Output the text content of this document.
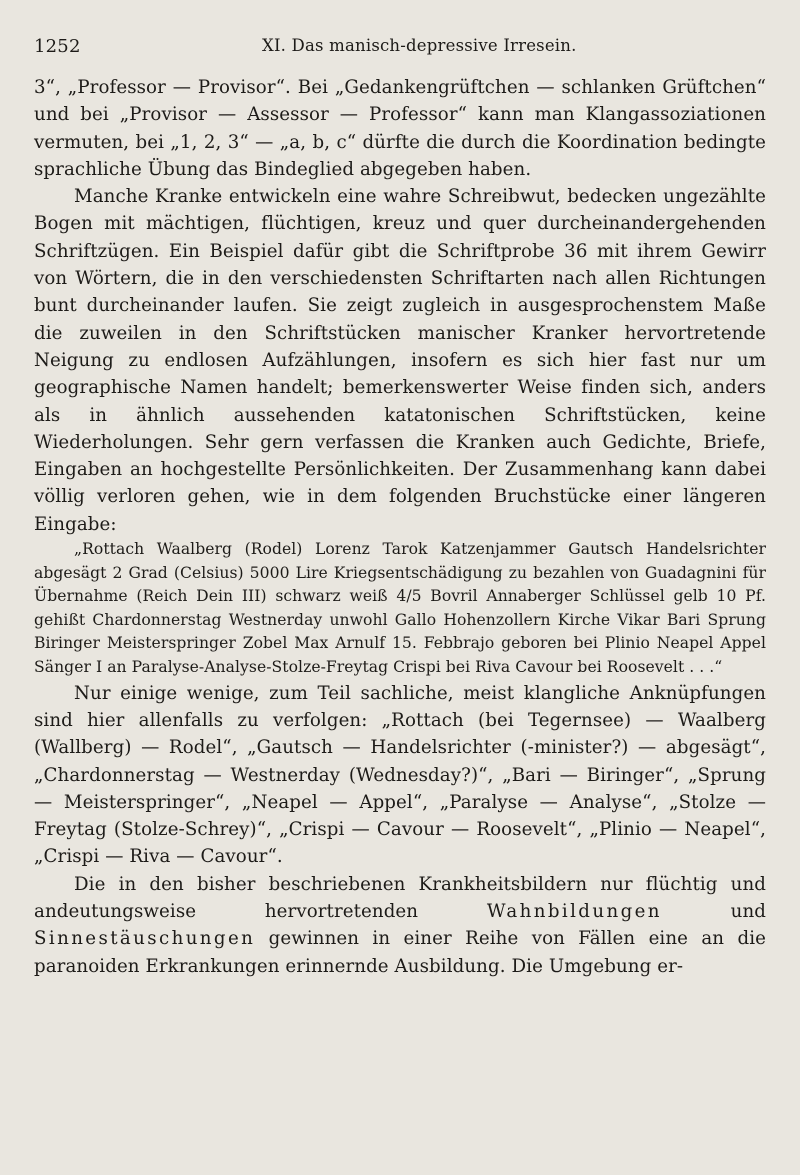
1252	XI. Das manisch-depressive Irresein.

3“, „Professor — Provisor“. Bei „Gedankengrüftchen — schlanken Grüftchen“ und bei „Provisor — Assessor — Professor“ kann man Klangassoziationen vermuten, bei „1, 2, 3“ — „a, b, c“ dürfte die durch die Koordination bedingte sprachliche Übung das Bindeglied abgegeben haben.

Manche Kranke entwickeln eine wahre Schreibwut, bedecken ungezählte Bogen mit mächtigen, flüchtigen, kreuz und quer durcheinandergehenden Schriftzügen. Ein Beispiel dafür gibt die Schriftprobe 36 mit ihrem Gewirr von Wörtern, die in den verschiedensten Schriftarten nach allen Richtungen bunt durcheinander laufen. Sie zeigt zugleich in ausgesprochenstem Maße die zuweilen in den Schriftstücken manischer Kranker hervortretende Neigung zu endlosen Aufzählungen, insofern es sich hier fast nur um geographische Namen handelt; bemerkenswerter Weise finden sich, anders als in ähnlich aussehenden katatonischen Schriftstücken, keine Wiederholungen. Sehr gern verfassen die Kranken auch Gedichte, Briefe, Eingaben an hochgestellte Persönlichkeiten. Der Zusammenhang kann dabei völlig verloren gehen, wie in dem folgenden Bruchstücke einer längeren Eingabe:

„Rottach Waalberg (Rodel) Lorenz Tarok Katzenjammer Gautsch Handelsrichter abgesägt 2 Grad (Celsius) 5000 Lire Kriegsentschädigung zu bezahlen von Guadagnini für Übernahme (Reich Dein III) schwarz weiß 4/5 Bovril Annaberger Schlüssel gelb 10 Pf. gehißt Chardonnerstag Westnerday unwohl Gallo Hohenzollern Kirche Vikar Bari Sprung Biringer Meisterspringer Zobel Max Arnulf 15. Febbrajo geboren bei Plinio Neapel Appel Sänger I an Paralyse-Analyse-Stolze-Freytag Crispi bei Riva Cavour bei Roosevelt . . .“

Nur einige wenige, zum Teil sachliche, meist klangliche Anknüpfungen sind hier allenfalls zu verfolgen: „Rottach (bei Tegernsee) — Waalberg (Wallberg) — Rodel“, „Gautsch — Handelsrichter (-minister?) — abgesägt“, „Chardonnerstag — Westnerday (Wednesday?)“, „Bari — Biringer“, „Sprung — Meisterspringer“, „Neapel — Appel“, „Paralyse — Analyse“, „Stolze — Freytag (Stolze-Schrey)“, „Crispi — Cavour — Roosevelt“, „Plinio — Neapel“, „Crispi — Riva — Cavour“.

Die in den bisher beschriebenen Krankheitsbildern nur flüchtig und andeutungsweise hervortretenden Wahnbildungen und Sinnestäuschungen gewinnen in einer Reihe von Fällen eine an die paranoiden Erkrankungen erinnernde Ausbildung. Die Umgebung er-
